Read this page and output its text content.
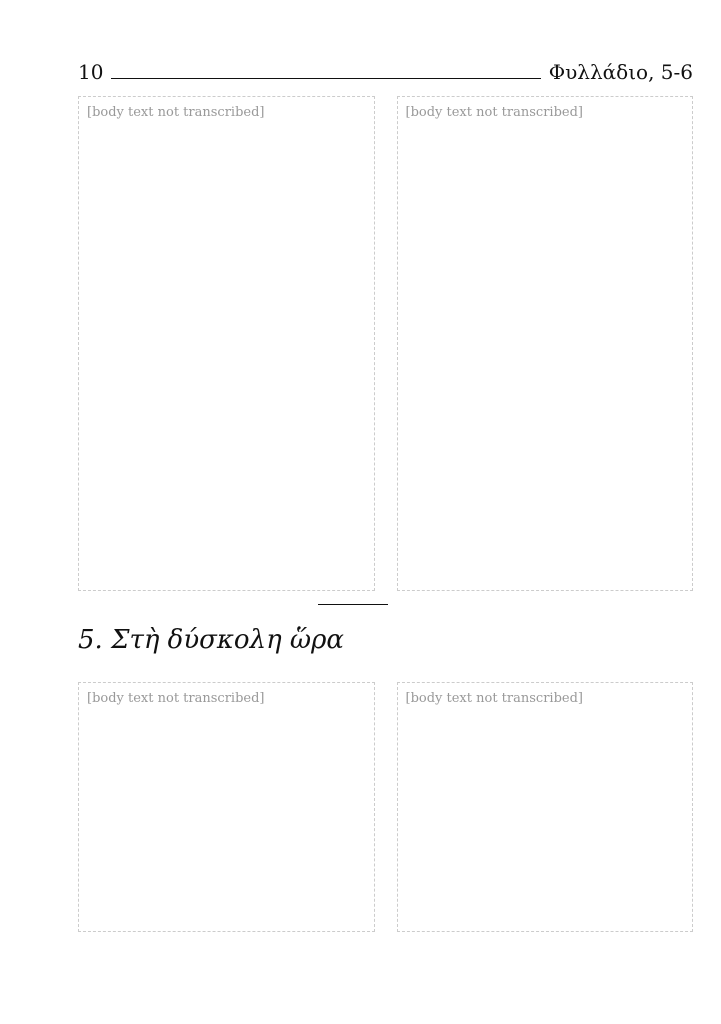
10	Φυλλάδιο, 5-6
[body text not transcribed]	[body text not transcribed]
5. Στὴ δύσκολη ὥρα
[body text not transcribed]	[body text not transcribed]
